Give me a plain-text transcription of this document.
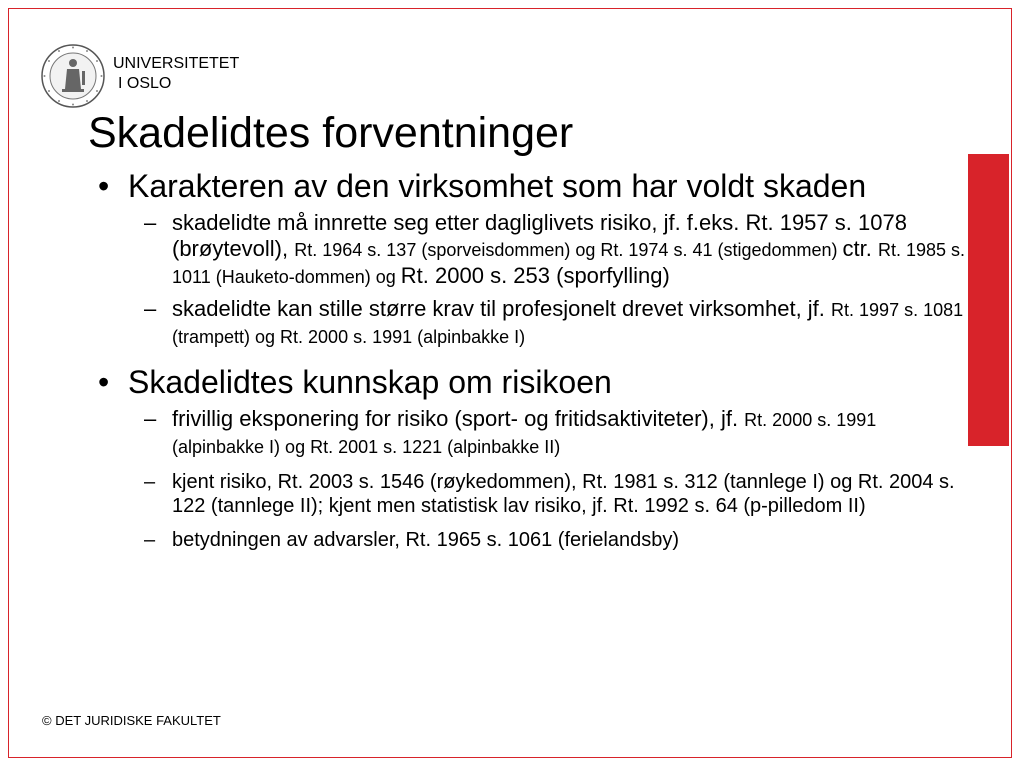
UNIVERSITETET
I OSLO
Skadelidtes forventninger
• Karakteren av den virksomhet som har voldt skaden
– skadelidte må innrette seg etter dagliglivets risiko, jf. f.eks. Rt. 1957 s. 1078 (brøytevoll), Rt. 1964 s. 137 (sporveisdommen) og Rt. 1974 s. 41 (stigedommen) ctr. Rt. 1985 s. 1011 (Hauketo-dommen) og Rt. 2000 s. 253 (sporfylling)
– skadelidte kan stille større krav til profesjonelt drevet virksomhet, jf. Rt. 1997 s. 1081 (trampett) og Rt. 2000 s. 1991 (alpinbakke I)
• Skadelidtes kunnskap om risikoen
– frivillig eksponering for risiko (sport- og fritidsaktiviteter), jf. Rt. 2000 s. 1991 (alpinbakke I) og Rt. 2001 s. 1221 (alpinbakke II)
– kjent risiko, Rt. 2003 s. 1546 (røykedommen), Rt. 1981 s. 312 (tannlege I) og Rt. 2004 s. 122 (tannlege II); kjent men statistisk lav risiko, jf. Rt. 1992 s. 64 (p-pilledom II)
– betydningen av advarsler, Rt. 1965 s. 1061 (ferielandsby)
© DET JURIDISKE FAKULTET
